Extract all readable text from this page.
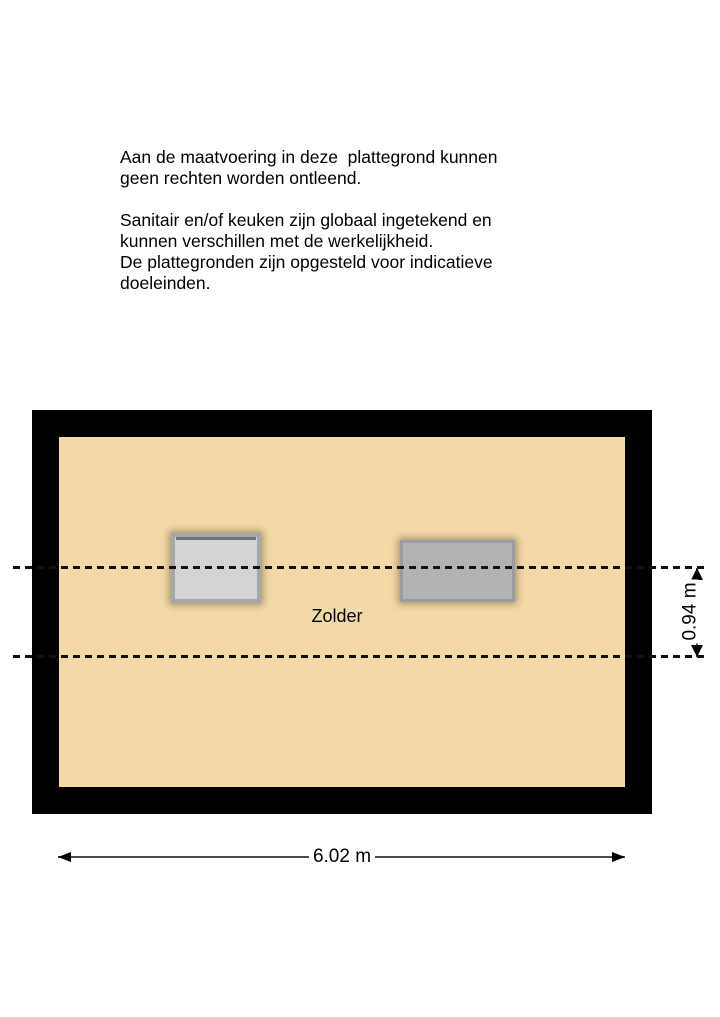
Aan de maatvoering in deze  plattegrond kunnen
geen rechten worden ontleend.
Sanitair en/of keuken zijn globaal ingetekend en
kunnen verschillen met de werkelijkheid.
De plattegronden zijn opgesteld voor indicatieve
doeleinden.
Zolder	0.94 m
6.02 m
